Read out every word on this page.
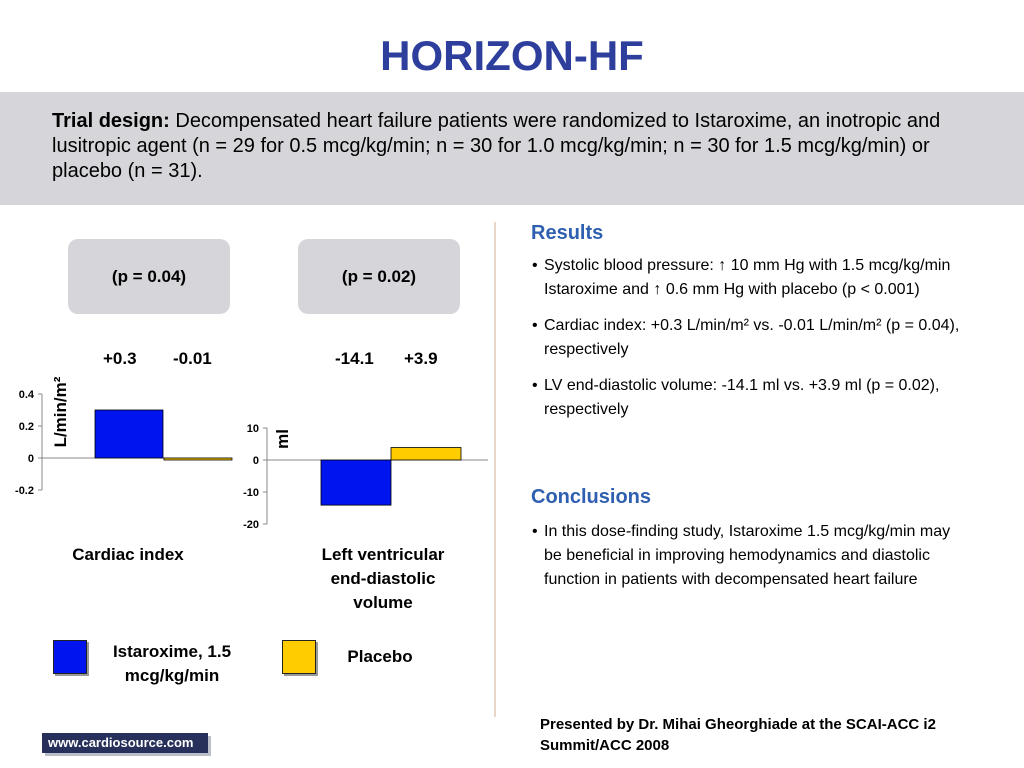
HORIZON-HF
Trial design: Decompensated heart failure patients were randomized to Istaroxime, an inotropic and lusitropic agent (n = 29 for 0.5 mcg/kg/min; n = 30 for 1.0 mcg/kg/min; n = 30 for 1.5 mcg/kg/min) or placebo (n = 31).
(p = 0.04)
+0.3 -0.01
0.4
0.2
0
-0.2
L/min/m²
Cardiac index
(p = 0.02)
-14.1 +3.9
10
0
-10
-20
ml
Left ventricular end-diastolic volume
Istaroxime, 1.5 mcg/kg/min
Placebo
Results
• Systolic blood pressure: ↑ 10 mm Hg with 1.5 mcg/kg/min Istaroxime and ↑ 0.6 mm Hg with placebo (p < 0.001)
• Cardiac index: +0.3 L/min/m² vs. -0.01 L/min/m² (p = 0.04), respectively
• LV end-diastolic volume: -14.1 ml vs. +3.9 ml (p = 0.02), respectively
Conclusions
• In this dose-finding study, Istaroxime 1.5 mcg/kg/min may be beneficial in improving hemodynamics and diastolic function in patients with decompensated heart failure
Presented by Dr. Mihai Gheorghiade at the SCAI-ACC i2 Summit/ACC 2008
www.cardiosource.com
